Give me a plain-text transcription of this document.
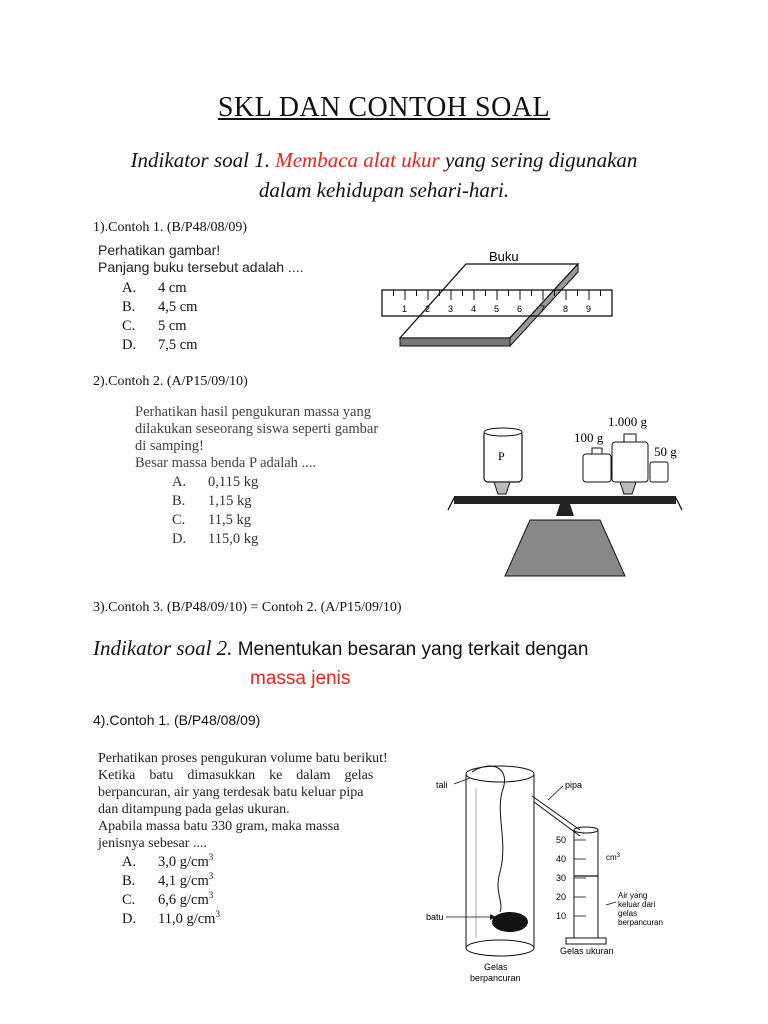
SKL DAN CONTOH SOAL
Indikator soal 1. Membaca alat ukur yang sering digunakan
dalam kehidupan sehari-hari.
1).Contoh 1. (B/P48/08/09)
Perhatikan gambar!
Panjang buku tersebut adalah ....
A. 4 cm
B. 4,5 cm
C. 5 cm
D. 7,5 cm
Buku
1 2 3 4 5 6 7 8 9
2).Contoh 2. (A/P15/09/10)
Perhatikan hasil pengukuran massa yang
dilakukan seseorang siswa seperti gambar
di samping!
Besar massa benda P adalah ....
A. 0,115 kg
B. 1,15 kg
C. 11,5 kg
D. 115,0 kg
1.000 g
100 g
50 g
P
3).Contoh 3. (B/P48/09/10) = Contoh 2. (A/P15/09/10)
Indikator soal 2. Menentukan besaran yang terkait dengan
massa jenis
4).Contoh 1. (B/P48/08/09)
Perhatikan proses pengukuran volume batu berikut!
Ketika    batu    dimasukkan    ke    dalam    gelas
berpancuran, air yang terdesak batu keluar pipa
dan ditampung pada gelas ukuran.
Apabila massa batu 330 gram, maka massa
jenisnya sebesar ....
A. 3,0 $g/cm^3$
B. 4,1 $g/cm^3$
C. 6,6 $g/cm^3$
D. 11,0 $g/cm^3$
tali	pipa
batu
Gelas
berpancuran
50
40
30
20
10
$cm^3$
Air yang
keluar dari
gelas
berpancuran
Gelas ukuran
